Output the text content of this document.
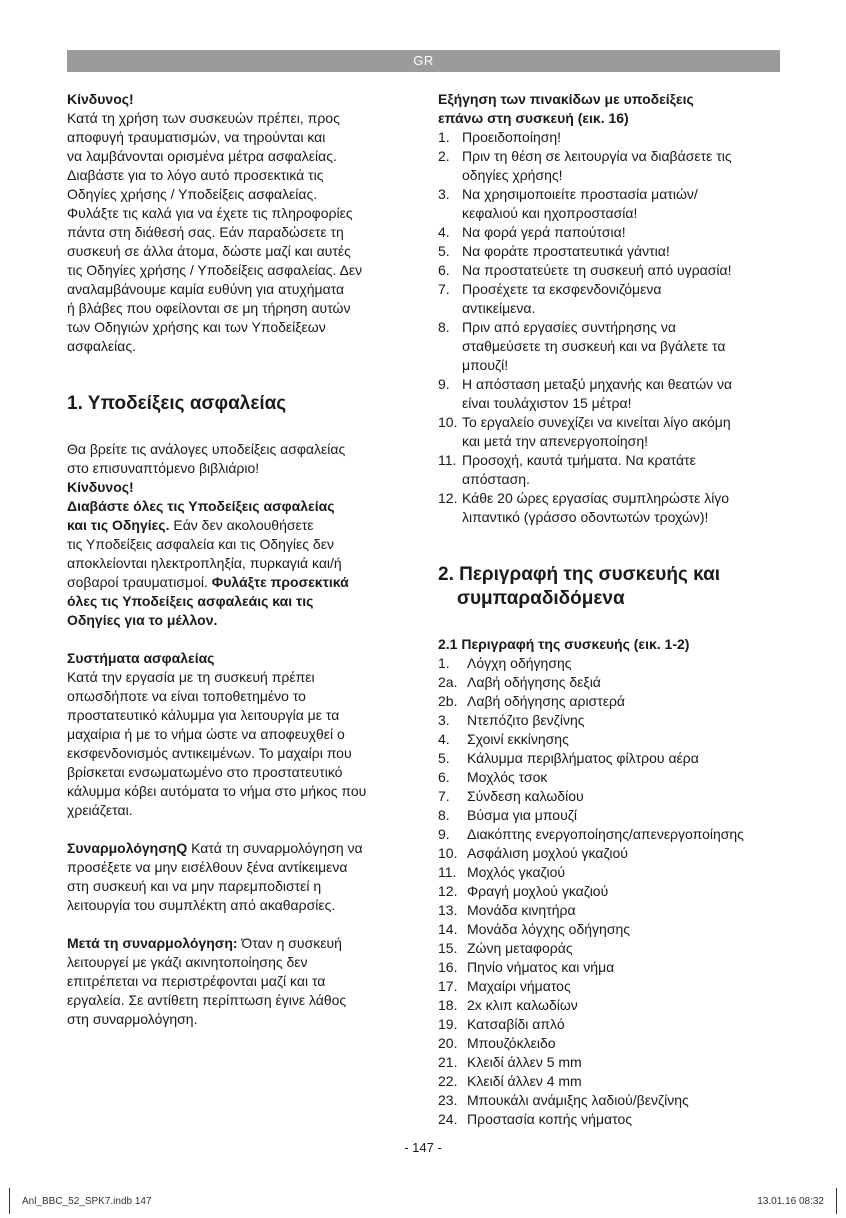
GR

Κίνδυνος!

Κατά τη χρήση των συσκευών πρέπει, προς

αποφυγή τραυματισμών, να τηρούνται και

να λαμβάνονται ορισμένα μέτρα ασφαλείας.

Διαβάστε για το λόγο αυτό προσεκτικά τις

Οδηγίες χρήσης / Υποδείξεις ασφαλείας.

Φυλάξτε τις καλά για να έχετε τις πληροφορίες

πάντα στη διάθεσή σας. Εάν παραδώσετε τη

συσκευή σε άλλα άτομα, δώστε μαζί και αυτές

τις Οδηγίες χρήσης / Υποδείξεις ασφαλείας. Δεν

αναλαμβάνουμε καμία ευθύνη για ατυχήματα

ή βλάβες που οφείλονται σε μη τήρηση αυτών

των Οδηγιών χρήσης και των Υποδείξεων

ασφαλείας.

1. Υποδείξεις ασφαλείας

Θα βρείτε τις ανάλογες υποδείξεις ασφαλείας

στο επισυναπτόμενο βιβλιάριο!

Κίνδυνος!

Διαβάστε όλες τις Υποδείξεις ασφαλείας

και τις Οδηγίες. Εάν δεν ακολουθήσετε

τις Υποδείξεις ασφαλεία και τις Οδηγίες δεν

αποκλείονται ηλεκτροπληξία, πυρκαγιά και/ή

σοβαροί τραυματισμοί. Φυλάξτε προσεκτικά

όλες τις Υποδείξεις ασφαλεάις και τις

Οδηγίες για το μέλλον.

Συστήματα ασφαλείας

Κατά την εργασία με τη συσκευή πρέπει

οπωσδήποτε να είναι τοποθετημένο το

προστατευτικό κάλυμμα για λειτουργία με τα

μαχαίρια ή με το νήμα ώστε να αποφευχθεί ο

εκσφενδονισμός αντικειμένων. Το μαχαίρι που

βρίσκεται ενσωματωμένο στο προστατευτικό

κάλυμμα κόβει αυτόματα το νήμα στο μήκος που

χρειάζεται.

ΣυναρμολόγησηQ Κατά τη συναρμολόγηση να

προσέξετε να μην εισέλθουν ξένα αντίκειμενα

στη συσκευή και να μην παρεμποδιστεί η

λειτουργία του συμπλέκτη από ακαθαρσίες.

Μετά τη συναρμολόγηση: Όταν η συσκευή

λειτουργεί με γκάζι ακινητοποίησης δεν

επιτρέπεται να περιστρέφονται μαζί και τα

εργαλεία. Σε αντίθετη περίπτωση έγινε λάθος

στη συναρμολόγηση.

Εξήγηση των πινακίδων με υποδείξεις

επάνω στη συσκευή (εικ. 16)

1. Προειδοποίηση!
2. Πριν τη θέση σε λειτουργία να διαβάσετε τις
οδηγίες χρήσης!
3. Να χρησιμοποιείτε προστασία ματιών/
κεφαλιού και ηχοπροστασία!
4. Να φορά γερά παπούτσια!
5. Να φοράτε προστατευτικά γάντια!
6. Να προστατεύετε τη συσκευή από υγρασία!
7. Προσέχετε τα εκσφενδονιζόμενα
αντικείμενα.
8. Πριν από εργασίες συντήρησης να
σταθμεύσετε τη συσκευή και να βγάλετε τα
μπουζί!
9. Η απόσταση μεταξύ μηχανής και θεατών να
είναι τουλάχιστον 15 μέτρα!
10. Το εργαλείο συνεχίζει να κινείται λίγο ακόμη
και μετά την απενεργοποίηση!
11. Προσοχή, καυτά τμήματα. Να κρατάτε
απόσταση.
12. Κάθε 20 ώρες εργασίας συμπληρώστε λίγο
λιπαντικό (γράσσο οδοντωτών τροχών)!

2. Περιγραφή της συσκευής και

συμπαραδιδόμενα

2.1 Περιγραφή της συσκευής (εικ. 1-2)

1.	Λόγχη οδήγησης
2a. Λαβή οδήγησης δεξιά
2b. Λαβή οδήγησης αριστερά
3.	Ντεπόζιτο βενζίνης
4.	Σχοινί εκκίνησης
5.	Κάλυμμα περιβλήματος φίλτρου αέρα
6.	Μοχλός τσοκ
7.	Σύνδεση καλωδίου
8.	Βύσμα για μπουζί
9.	Διακόπτης ενεργοποίησης/απενεργοποίησης
10. Ασφάλιση μοχλού γκαζιού
11. Μοχλός γκαζιού
12. Φραγή μοχλού γκαζιού
13. Μονάδα κινητήρα
14. Μονάδα λόγχης οδήγησης
15. Ζώνη μεταφοράς
16. Πηνίο νήματος και νήμα
17. Μαχαίρι νήματος
18. 2x κλιπ καλωδίων
19. Κατσαβίδι απλό
20. Μπουζόκλειδο
21. Κλειδί άλλεν 5 mm
22. Κλειδί άλλεν 4 mm
23. Μπουκάλι ανάμιξης λαδιού/βενζίνης
24. Προστασία κοπής νήματος
- 147 -
Anl_BBC_52_SPK7.indb 147	13.01.16 08:32
